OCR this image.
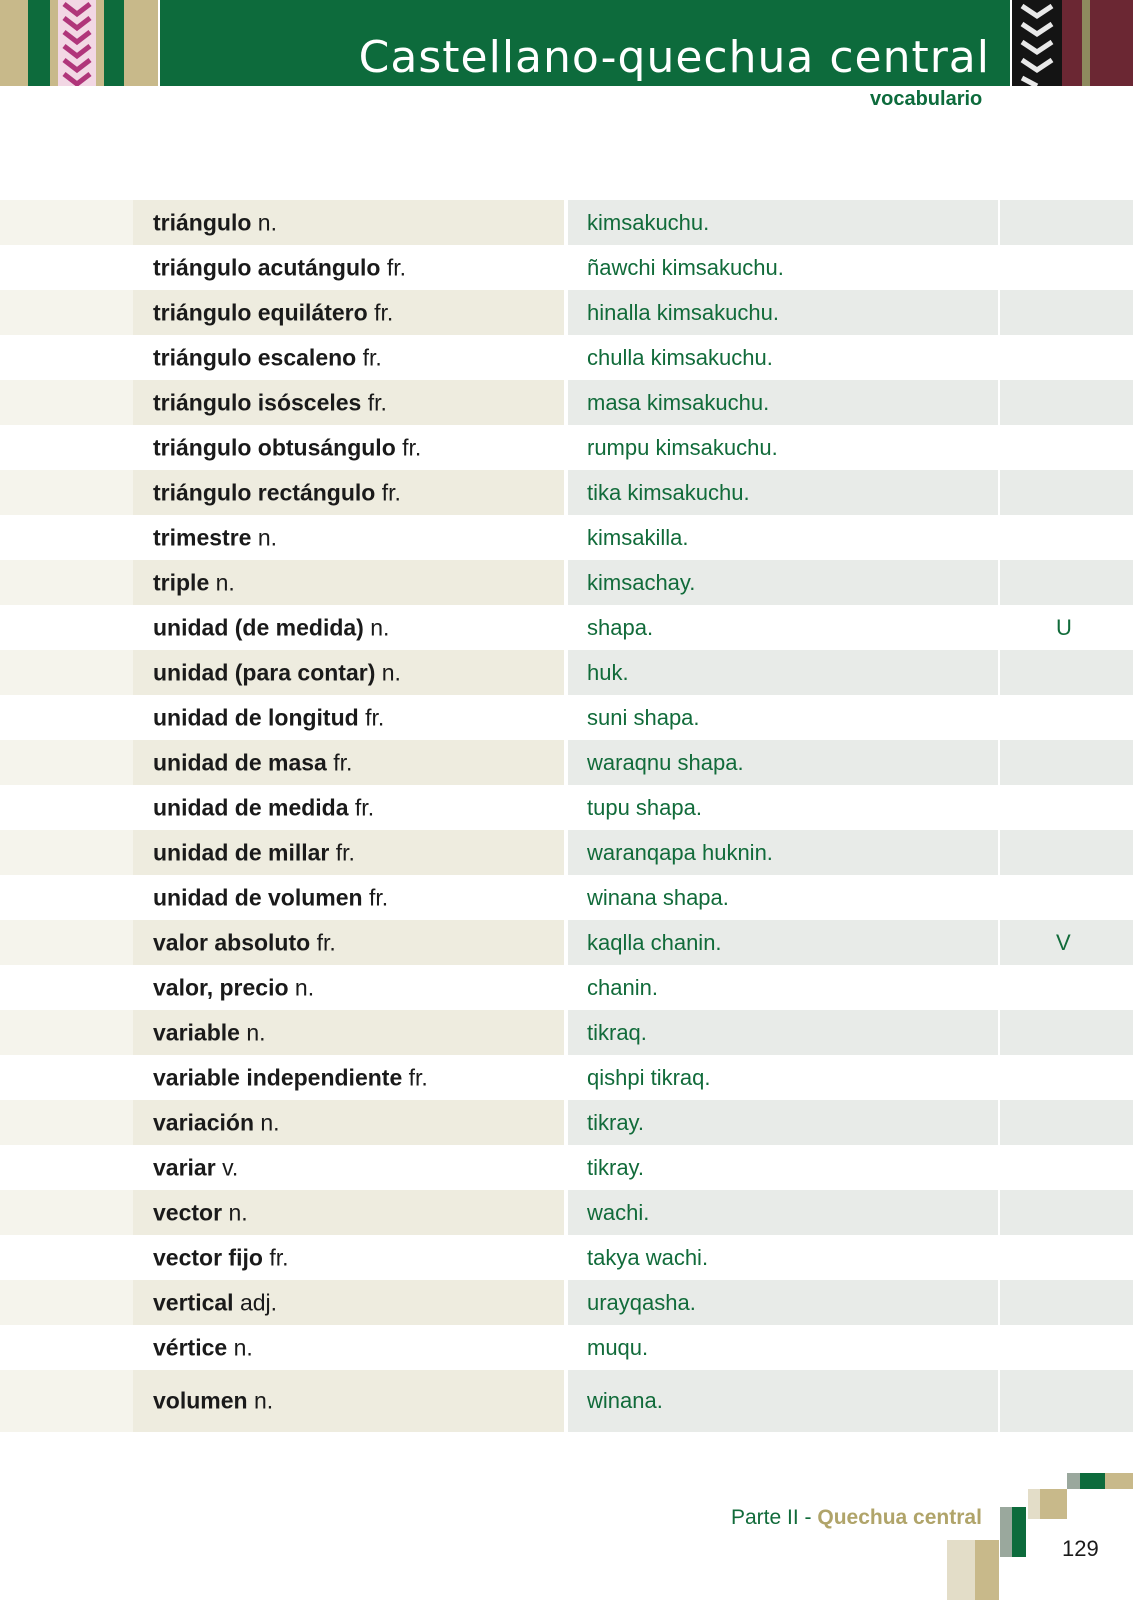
Castellano-quechua central
vocabulario
triángulo n.	kimsakuchu.
triángulo acutángulo fr.	ñawchi kimsakuchu.
triángulo equilátero fr.	hinalla kimsakuchu.
triángulo escaleno fr.	chulla kimsakuchu.
triángulo isósceles fr.	masa kimsakuchu.
triángulo obtusángulo fr.	rumpu kimsakuchu.
triángulo rectángulo fr.	tika kimsakuchu.
trimestre n.	kimsakilla.
triple n.	kimsachay.
unidad (de medida) n.	shapa.	U
unidad (para contar) n.	huk.
unidad de longitud fr.	suni shapa.
unidad de masa fr.	waraqnu shapa.
unidad de medida fr.	tupu shapa.
unidad de millar fr.	waranqapa huknin.
unidad de volumen fr.	winana shapa.
valor absoluto fr.	kaqlla chanin.	V
valor, precio n.	chanin.
variable n.	tikraq.
variable independiente fr.	qishpi tikraq.
variación n.	tikray.
variar v.	tikray.
vector n.	wachi.
vector fijo fr.	takya wachi.
vertical adj.	urayqasha.
vértice n.	muqu.
volumen n.	winana.
Parte II - Quechua central
129
